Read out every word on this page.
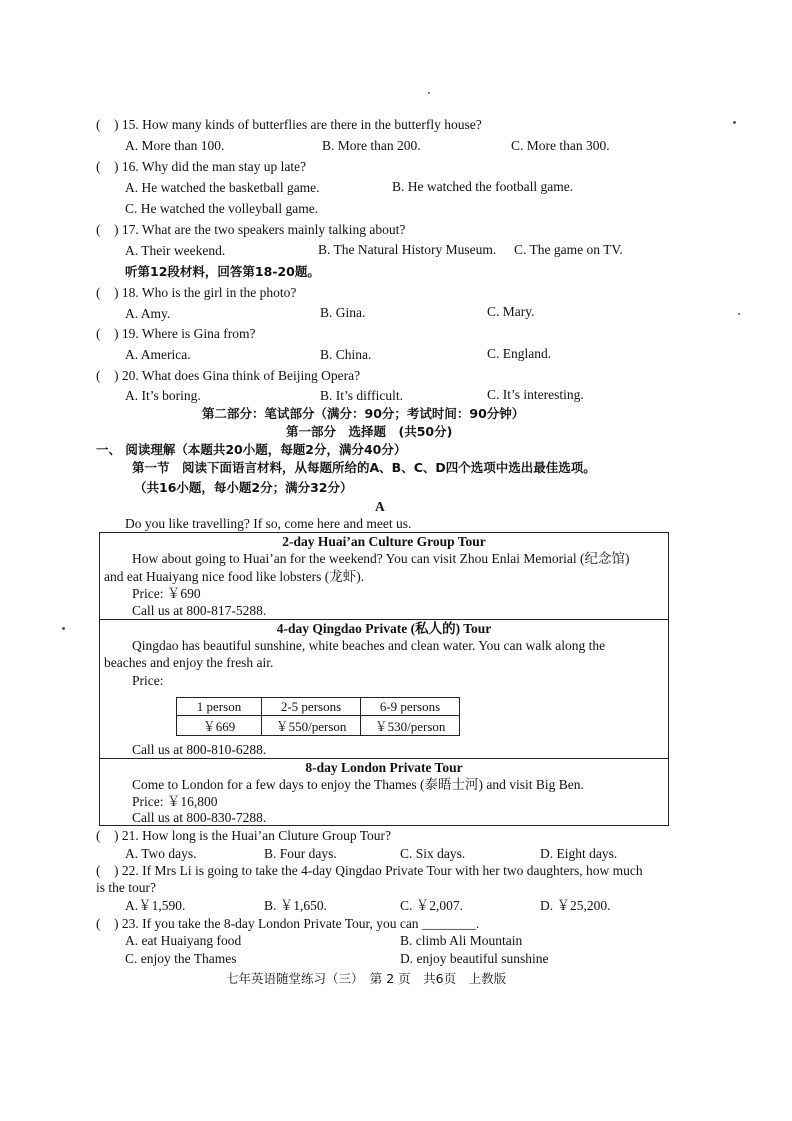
(　) 15. How many kinds of butterflies are there in the butterfly house?
A. More than 100.	B. More than 200.	C. More than 300.
(　) 16. Why did the man stay up late?
A. He watched the basketball game.	B. He watched the football game.
C. He watched the volleyball game.
(　) 17. What are the two speakers mainly talking about?
A. Their weekend.	B. The Natural History Museum. C. The game on TV.
听第12段材料，回答第18-20题。
(　) 18. Who is the girl in the photo?
A. Amy.	B. Gina.	C. Mary.
(　) 19. Where is Gina from?
A. America.	B. China.	C. England.
(　) 20. What does Gina think of Beijing Opera?
A. It’s boring.	B. It’s difficult.	C. It’s interesting.
第二部分：笔试部分（满分：90分；考试时间：90分钟）
第一部分　选择题　(共50分)
一、 阅读理解（本题共20小题，每题2分，满分40分）
第一节　阅读下面语言材料，从每题所给的A、B、C、D四个选项中选出最佳选项。
（共16小题，每小题2分；满分32分）
A
Do you like travelling? If so, come here and meet us.
2-day Huai’an Culture Group Tour
How about going to Huai’an for the weekend? You can visit Zhou Enlai Memorial (纪念馆)
and eat Huaiyang nice food like lobsters (龙虾).
Price: ￥690
Call us at 800-817-5288.
4-day Qingdao Private (私人的) Tour
Qingdao has beautiful sunshine, white beaches and clean water. You can walk along the
beaches and enjoy the fresh air.
Price:
1 person	2-5 persons	6-9 persons
￥669	￥550/person	￥530/person
Call us at 800-810-6288.
8-day London Private Tour
Come to London for a few days to enjoy the Thames (泰晤士河) and visit Big Ben.
Price: ￥16,800
Call us at 800-830-7288.
(　) 21. How long is the Huai’an Cluture Group Tour?
A. Two days.	B. Four days.	C. Six days.	D. Eight days.
(　) 22. If Mrs Li is going to take the 4-day Qingdao Private Tour with her two daughters, how much
is the tour?
A.￥1,590.	B. ￥1,650.	C. ￥2,007.	D. ￥25,200.
(　) 23. If you take the 8-day London Private Tour, you can ________.
A. eat Huaiyang food	B. climb Ali Mountain
C. enjoy the Thames	D. enjoy beautiful sunshine
七年英语随堂练习（三）　第 2 页　共6页　上教版
